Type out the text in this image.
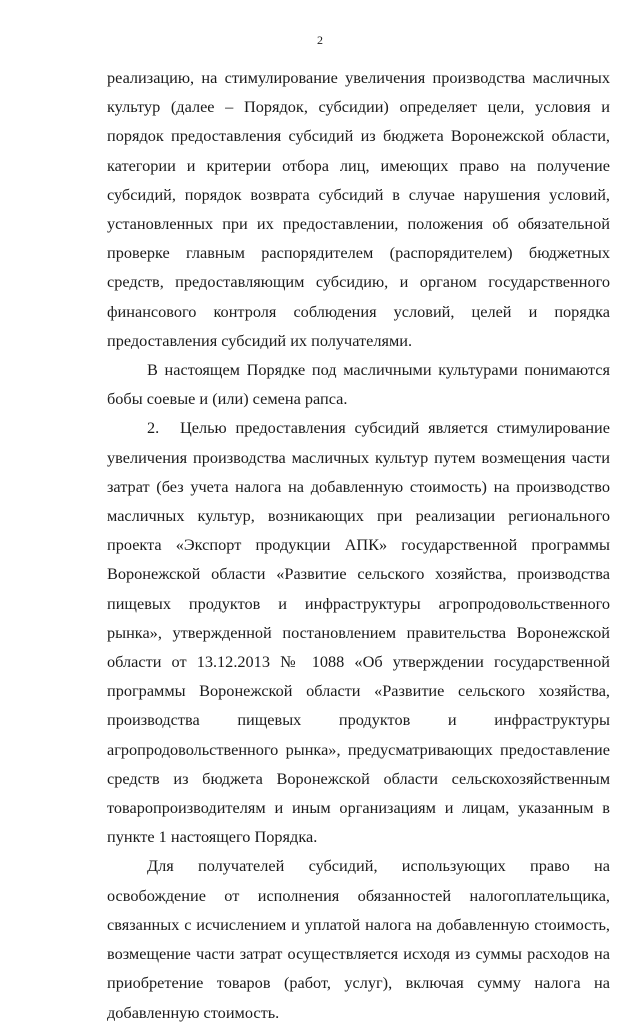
2

реализацию, на стимулирование увеличения производства масличных культур (далее – Порядок, субсидии) определяет цели, условия и порядок предоставления субсидий из бюджета Воронежской области, категории и критерии отбора лиц, имеющих право на получение субсидий, порядок возврата субсидий в случае нарушения условий, установленных при их предоставлении, положения об обязательной проверке главным распорядителем (распорядителем) бюджетных средств, предоставляющим субсидию, и органом государственного финансового контроля соблюдения условий, целей и порядка предоставления субсидий их получателями.

В настоящем Порядке под масличными культурами понимаются бобы соевые и (или) семена рапса.

2. Целью предоставления субсидий является стимулирование увеличения производства масличных культур путем возмещения части затрат (без учета налога на добавленную стоимость) на производство масличных культур, возникающих при реализации регионального проекта «Экспорт продукции АПК» государственной программы Воронежской области «Развитие сельского хозяйства, производства пищевых продуктов и инфраструктуры агропродовольственного рынка», утвержденной постановлением правительства Воронежской области от 13.12.2013 № 1088 «Об утверждении государственной программы Воронежской области «Развитие сельского хозяйства, производства пищевых продуктов и инфраструктуры агропродовольственного рынка», предусматривающих предоставление средств из бюджета Воронежской области сельскохозяйственным товаропроизводителям и иным организациям и лицам, указанным в пункте 1 настоящего Порядка.

Для получателей субсидий, использующих право на освобождение от исполнения обязанностей налогоплательщика, связанных с исчислением и уплатой налога на добавленную стоимость, возмещение части затрат осуществляется исходя из суммы расходов на приобретение товаров (работ, услуг), включая сумму налога на добавленную стоимость.
